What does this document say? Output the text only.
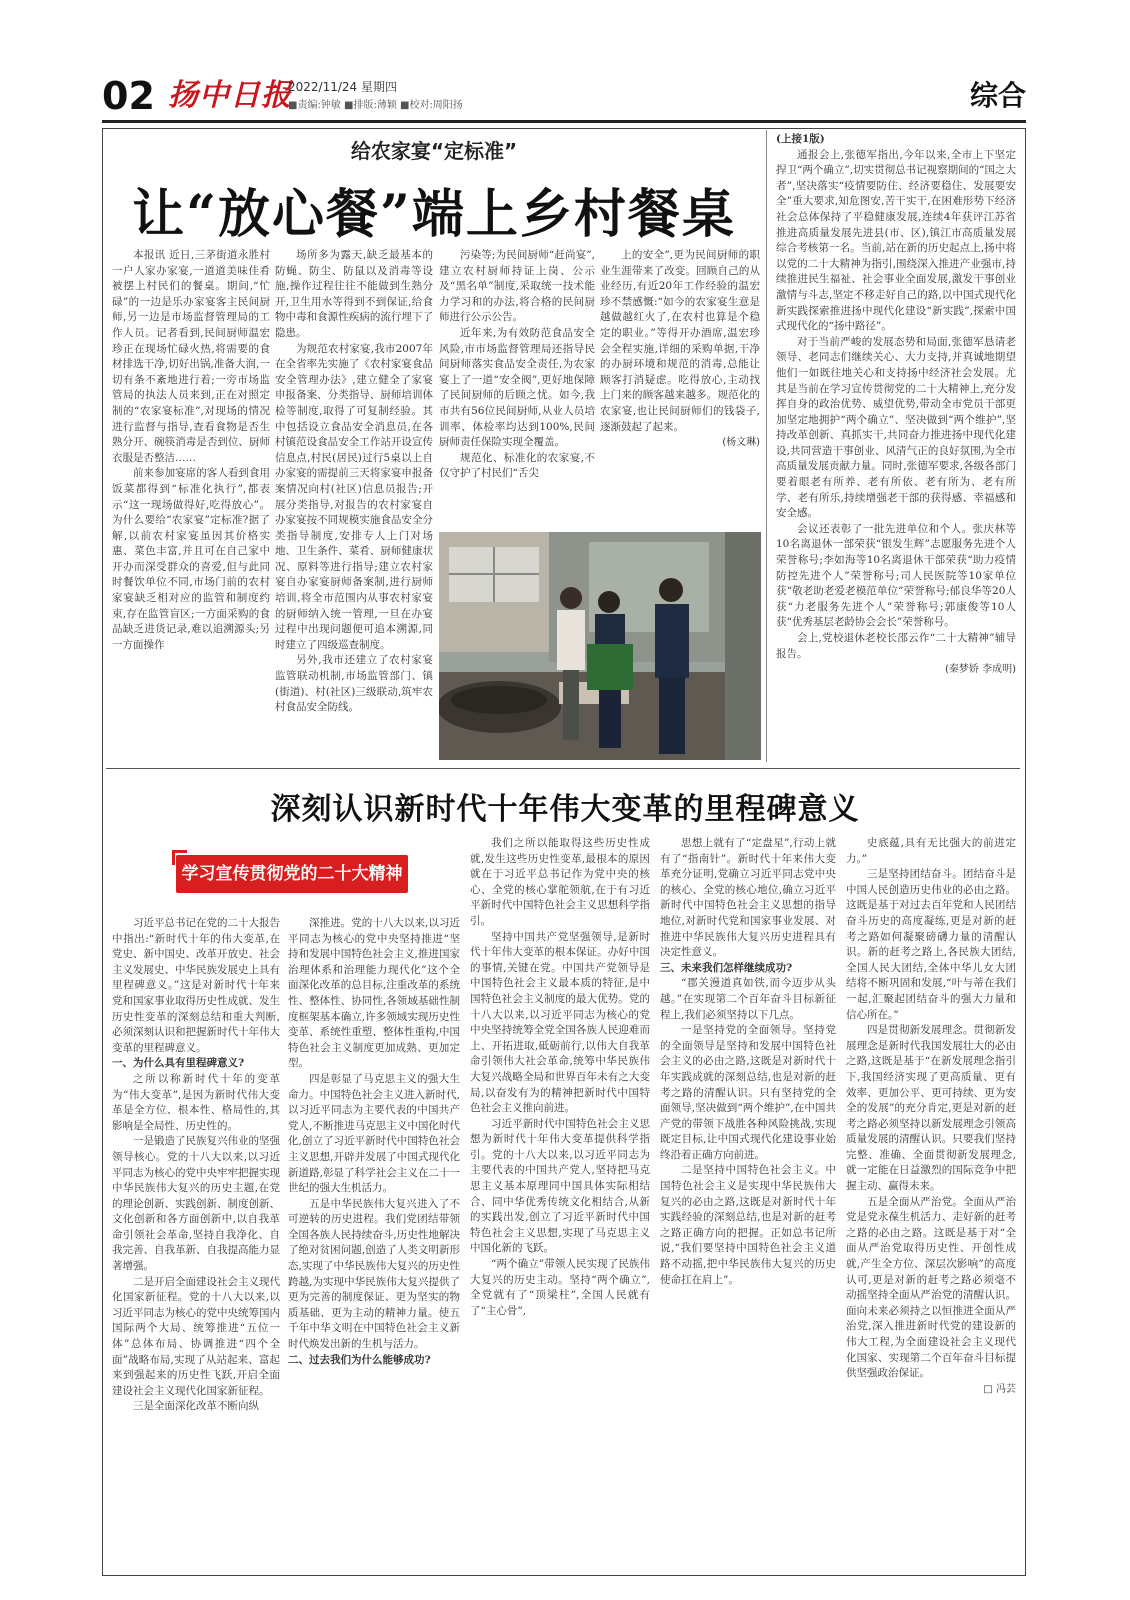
02 扬中日报
2022/11/24 星期四
■责编:钟敏 ■排版:薄颖 ■校对:周阳扬	综合
给农家宴“定标准”
让“放心餐”端上乡村餐桌

本报讯 近日,三茅街道永胜村一户人家办家宴,一道道美味佳肴被摆上村民们的餐桌。期间,“忙碌”的一边是乐办家宴客主民间厨师,另一边是市场监督管理局的工作人员。记者看到,民间厨师温宏珍正在现场忙碌火热,将需要的食材排选干净,切好出锅,准备大润,一切有条不紊地进行着;一旁市场监管局的执法人员来到,正在对照定制的“农家宴标准”,对现场的情况进行监督与指导,查看食物是否生熟分开、碗筷消毒是否到位、厨师衣服是否整洁……

前来参加宴席的客人看到食用饭菜都得到“标准化执行”,都表示“这一现场做得好,吃得放心”。为什么要给“农家宴”定标准?据了解,以前农村家宴虽因其价格实惠、菜色丰富,并且可在自己家中开办而深受群众的喜爱,但与此同时餐饮单位不同,市场门前的农村家宴缺乏相对应的监管和制度约束,存在监管盲区;一方面采购的食品缺乏进货记录,难以追溯源头;另一方面操作

场所多为露天,缺乏最基本的防蝇、防尘、防鼠以及消毒等设施,操作过程往往不能做到生熟分开,卫生用水等得到不到保证,给食物中毒和食源性疾病的流行埋下了隐患。

为规范农村家宴,我市2007年在全省率先实施了《农村家宴食品安全管理办法》,建立健全了家宴申报备案、分类指导、厨师培训体检等制度,取得了可复制经验。其中包括设立食品安全消息员,在各村镇范设食品安全工作站开设宣传信息点,村民(居民)过行5桌以上自办家宴的需提前三天将家宴申报备案情况向村(社区)信息员报告;开展分类指导,对报告的农村家宴自办家宴按不同规模实施食品安全分类指导制度,安排专人上门对场地、卫生条件、菜肴、厨师健康状况、原料等进行指导;建立农村家宴自办家宴厨师备案制,进行厨师培训,将全市范围内从事农村家宴的厨师纳入统一管理,一旦在办宴过程中出现问题便可追本溯源,同时建立了四级巡查制度。

另外,我市还建立了农村家宴监管联动机制,市场监管部门、镇(街道)、村(社区)三级联动,筑牢农村食品安全防线。

污染等;为民间厨师“赶尚宴”,建立农村厨师持证上岗、公示及“黑名单”制度,采取统一技术能力学习和的办法,将合格的民间厨师进行公示公告。

近年来,为有效防范食品安全风险,市市场监督管理局还指导民间厨师落实食品安全责任,为农家宴上了一道“安全阀”,更好地保障了民间厨师的后顾之忧。如今,我市共有56位民间厨师,从业人员培训率、体检率均达到100%,民间厨师责任保险实现全覆盖。

规范化、标准化的农家宴,不仅守护了村民们“舌尖

上的安全”,更为民间厨师的职业生涯带来了改变。回顾自己的从业经历,有近20年工作经验的温宏珍不禁感慨:“如今的农家宴生意是越做越红火了,在农村也算是个稳定的职业。”等得开办酒席,温宏珍会全程实施,详细的采购单据,干净的办厨环境和规范的消毒,总能让顾客打消疑虑。吃得放心,主动找上门来的顾客越来越多。规范化的农家宴,也让民间厨师们的钱袋子,逐渐鼓起了起来。

(杨文琳)

(上接1版)

通报会上,张德军指出,今年以来,全市上下坚定捍卫“两个确立”,切实贯彻总书记视察期间的“国之大者”,坚决落实“疫情要防住、经济要稳住、发展要安全”重大要求,知危图安,苦干实干,在困难形势下经济社会总体保持了平稳健康发展,连续4年获评江苏省推进高质量发展先进县(市、区),镇江市高质量发展综合考核第一名。当前,站在新的历史起点上,扬中将以党的二十大精神为指引,围绕深入推进产业强市,持续推进民生福祉、社会事业全面发展,激发干事创业激情与斗志,坚定不移走好自己的路,以中国式现代化新实践探索推进扬中现代化建设“新实践”,探索中国式现代化的“扬中路径”。

对于当前严峻的发展态势和局面,张德军恳请老领导、老同志们继续关心、大力支持,并真诚地期望他们一如既往地关心和支持扬中经济社会发展。尤其是当前在学习宣传贯彻党的二十大精神上,充分发挥自身的政治优势、威望优势,带动全市党员干部更加坚定地拥护“两个确立”、坚决做到“两个维护”,坚持改革创新、真抓实干,共同奋力推进扬中现代化建设,共同营造干事创业、风清气正的良好氛围,为全市高质量发展贡献力量。同时,张德军要求,各级各部门要着眼老有所养、老有所依、老有所为、老有所学、老有所乐,持续增强老干部的获得感、幸福感和安全感。

会议还表彰了一批先进单位和个人。张庆林等10名离退休一部荣获“银发生辉”志愿服务先进个人荣誉称号;李如海等10名离退休干部荣获“助力疫情防控先进个人”荣誉称号;司人民医院等10家单位获“敬老助老爱老模范单位”荣誉称号;郁良华等20人获“力老服务先进个人”荣誉称号;郭康俊等10人获“优秀基层老龄协会会长”荣誉称号。

会上,党校退休老校长邵云作“二十大精神”辅导报告。

(秦梦娇 李成明)

深刻认识新时代十年伟大变革的里程碑意义
学习宣传贯彻党的二十大精神

习近平总书记在党的二十大报告中指出:“新时代十年的伟大变革,在党史、新中国史、改革开放史、社会主义发展史、中华民族发展史上具有里程碑意义。”这是对新时代十年来党和国家事业取得历史性成就、发生历史性变革的深刻总结和重大判断,必须深刻认识和把握新时代十年伟大变革的里程碑意义。

一、为什么具有里程碑意义?

之所以称新时代十年的变革为“伟大变革”,是因为新时代伟大变革是全方位、根本性、格局性的,其影响是全局性、历史性的。

一是锻造了民族复兴伟业的坚强领导核心。党的十八大以来,以习近平同志为核心的党中央牢牢把握实现中华民族伟大复兴的历史主题,在党的理论创新、实践创新、制度创新、文化创新和各方面创新中,以自我革命引领社会革命,坚持自我净化、自我完善、自我革新、自我提高能力显著增强。

二是开启全面建设社会主义现代化国家新征程。党的十八大以来,以习近平同志为核心的党中央统筹国内国际两个大局、统筹推进“五位一体”总体布局、协调推进“四个全面”战略布局,实现了从站起来、富起来到强起来的历史性飞跃,开启全面建设社会主义现代化国家新征程。

三是全面深化改革不断向纵

深推进。党的十八大以来,以习近平同志为核心的党中央坚持推进“坚持和发展中国特色社会主义,推进国家治理体系和治理能力现代化”这个全面深化改革的总目标,注重改革的系统性、整体性、协同性,各领域基础性制度框架基本确立,许多领域实现历史性变革、系统性重塑、整体性重构,中国特色社会主义制度更加成熟、更加定型。

四是彰显了马克思主义的强大生命力。中国特色社会主义进入新时代,以习近平同志为主要代表的中国共产党人,不断推进马克思主义中国化时代化,创立了习近平新时代中国特色社会主义思想,开辟并发展了中国式现代化新道路,彰显了科学社会主义在二十一世纪的强大生机活力。

五是中华民族伟大复兴进入了不可逆转的历史进程。我们党团结带领全国各族人民持续奋斗,历史性地解决了绝对贫困问题,创造了人类文明新形态,实现了中华民族伟大复兴的历史性跨越,为实现中华民族伟大复兴提供了更为完善的制度保证、更为坚实的物质基础、更为主动的精神力量。使五千年中华文明在中国特色社会主义新时代焕发出新的生机与活力。

二、过去我们为什么能够成功?

我们之所以能取得这些历史性成就,发生这些历史性变革,最根本的原因就在于习近平总书记作为党中央的核心、全党的核心掌舵领航,在于有习近平新时代中国特色社会主义思想科学指引。

坚持中国共产党坚强领导,是新时代十年伟大变革的根本保证。办好中国的事情,关键在党。中国共产党领导是中国特色社会主义最本质的特征,是中国特色社会主义制度的最大优势。党的十八大以来,以习近平同志为核心的党中央坚持统筹全党全国各族人民迎难而上、开拓进取,砥砺前行,以伟大自我革命引领伟大社会革命,统筹中华民族伟大复兴战略全局和世界百年未有之大变局,以奋发有为的精神把新时代中国特色社会主义推向前进。

习近平新时代中国特色社会主义思想为新时代十年伟大变革提供科学指引。党的十八大以来,以习近平同志为主要代表的中国共产党人,坚持把马克思主义基本原理同中国具体实际相结合、同中华优秀传统文化相结合,从新的实践出发,创立了习近平新时代中国特色社会主义思想,实现了马克思主义中国化新的飞跃。

“两个确立”带领人民实现了民族伟大复兴的历史主动。坚持“两个确立”,全党就有了“顶梁柱”,全国人民就有了“主心骨”,

思想上就有了“定盘星”,行动上就有了“指南针”。新时代十年来伟大变革充分证明,党确立习近平同志党中央的核心、全党的核心地位,确立习近平新时代中国特色社会主义思想的指导地位,对新时代党和国家事业发展、对推进中华民族伟大复兴历史进程具有决定性意义。

三、未来我们怎样继续成功?

“郡关漫道真如铁,而今迈步从头越。”在实现第二个百年奋斗目标新征程上,我们必须坚持以下几点。

一是坚持党的全面领导。坚持党的全面领导是坚持和发展中国特色社会主义的必由之路,这既是对新时代十年实践成就的深刻总结,也是对新的赶考之路的清醒认识。只有坚持党的全面领导,坚决做到“两个维护”,在中国共产党的带领下战胜各种风险挑战,实现既定目标,让中国式现代化建设事业始终沿着正确方向前进。

二是坚持中国特色社会主义。中国特色社会主义是实现中华民族伟大复兴的必由之路,这既是对新时代十年实践经验的深刻总结,也是对新的赶考之路正确方向的把握。正如总书记所说,“我们要坚持中国特色社会主义道路不动摇,把中华民族伟大复兴的历史使命扛在肩上”。

史底蕴,具有无比强大的前进定力。”

三是坚持团结奋斗。团结奋斗是中国人民创造历史伟业的必由之路。这既是基于对过去百年党和人民团结奋斗历史的高度凝练,更是对新的赶考之路如何凝聚磅礴力量的清醒认识。新的赶考之路上,各民族大团结,全国人民大团结,全体中华儿女大团结将不断巩固和发展,“叶与蒂在我们一起,汇聚起团结奋斗的强大力量和信心所在。”

四是贯彻新发展理念。贯彻新发展理念是新时代我国发展壮大的必由之路,这既是基于“在新发展理念指引下,我国经济实现了更高质量、更有效率、更加公平、更可持续、更为安全的发展”的充分肯定,更是对新的赶考之路必须坚持以新发展理念引领高质量发展的清醒认识。只要我们坚持完整、准确、全面贯彻新发展理念,就一定能在日益激烈的国际竞争中把握主动、赢得未来。

五是全面从严治党。全面从严治党是党永葆生机活力、走好新的赶考之路的必由之路。这既是基于对“全面从严治党取得历史性、开创性成就,产生全方位、深层次影响”的高度认可,更是对新的赶考之路必须毫不动摇坚持全面从严治党的清醒认识。面向未来必须持之以恒推进全面从严治党,深入推进新时代党的建设新的伟大工程,为全面建设社会主义现代化国家、实现第二个百年奋斗目标提供坚强政治保证。

□ 冯芸
